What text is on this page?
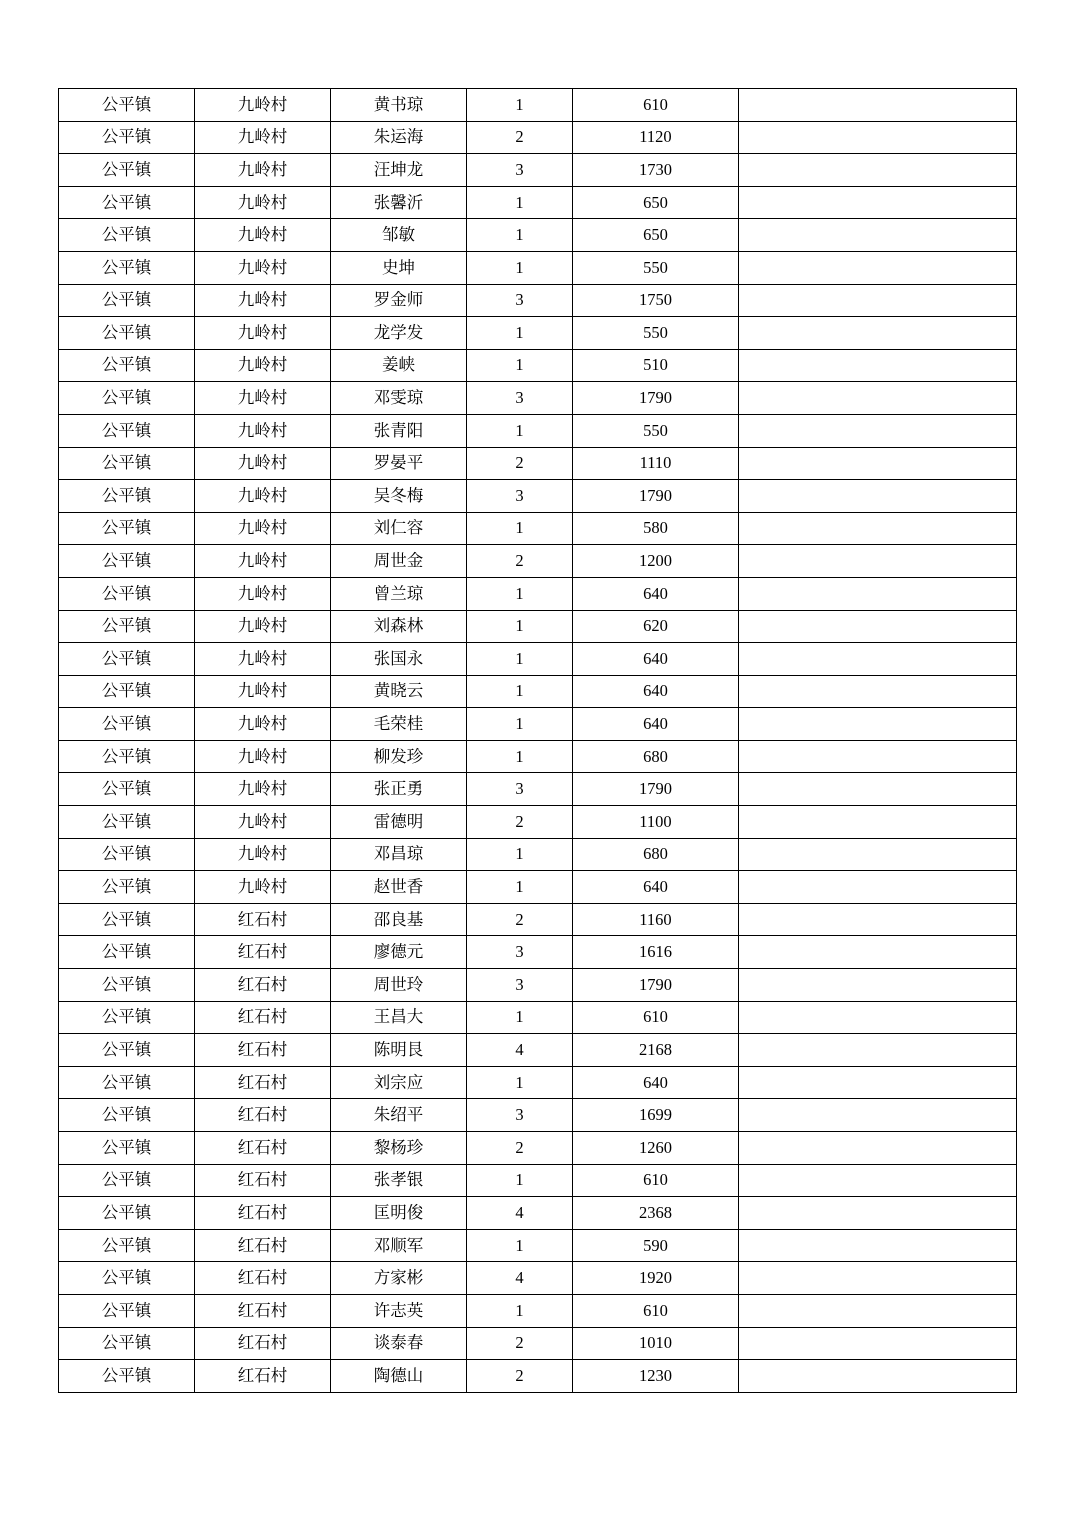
公平镇	九岭村	黄书琼	1	610	
公平镇	九岭村	朱运海	2	1120	
公平镇	九岭村	汪坤龙	3	1730	
公平镇	九岭村	张馨沂	1	650	
公平镇	九岭村	邹敏	1	650	
公平镇	九岭村	史坤	1	550	
公平镇	九岭村	罗金师	3	1750	
公平镇	九岭村	龙学发	1	550	
公平镇	九岭村	姜峡	1	510	
公平镇	九岭村	邓雯琼	3	1790	
公平镇	九岭村	张青阳	1	550	
公平镇	九岭村	罗晏平	2	1110	
公平镇	九岭村	吴冬梅	3	1790	
公平镇	九岭村	刘仁容	1	580	
公平镇	九岭村	周世金	2	1200	
公平镇	九岭村	曾兰琼	1	640	
公平镇	九岭村	刘森林	1	620	
公平镇	九岭村	张国永	1	640	
公平镇	九岭村	黄晓云	1	640	
公平镇	九岭村	毛荣桂	1	640	
公平镇	九岭村	柳发珍	1	680	
公平镇	九岭村	张正勇	3	1790	
公平镇	九岭村	雷德明	2	1100	
公平镇	九岭村	邓昌琼	1	680	
公平镇	九岭村	赵世香	1	640	
公平镇	红石村	邵良基	2	1160	
公平镇	红石村	廖德元	3	1616	
公平镇	红石村	周世玲	3	1790	
公平镇	红石村	王昌大	1	610	
公平镇	红石村	陈明艮	4	2168	
公平镇	红石村	刘宗应	1	640	
公平镇	红石村	朱绍平	3	1699	
公平镇	红石村	黎杨珍	2	1260	
公平镇	红石村	张孝银	1	610	
公平镇	红石村	匡明俊	4	2368	
公平镇	红石村	邓顺军	1	590	
公平镇	红石村	方家彬	4	1920	
公平镇	红石村	许志英	1	610	
公平镇	红石村	谈泰春	2	1010	
公平镇	红石村	陶德山	2	1230	
